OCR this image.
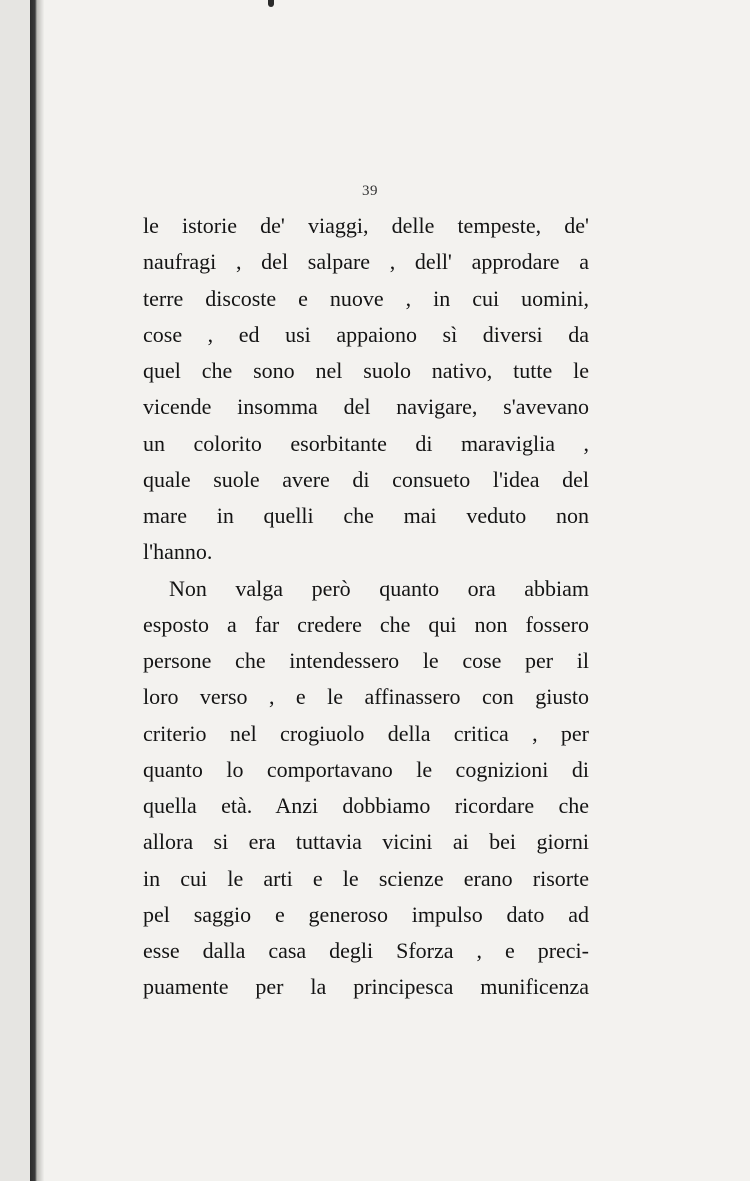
39
le istorie de' viaggi, delle tempeste, de'
naufragi , del salpare , dell' approdare a
terre discoste e nuove , in cui uomini,
cose , ed usi appaiono sì diversi da
quel che sono nel suolo nativo, tutte le
vicende insomma del navigare, s'avevano
un colorito esorbitante di maraviglia ,
quale suole avere di consueto l'idea del
mare in quelli che mai veduto non
l'hanno.
Non valga però quanto ora abbiam
esposto a far credere che qui non fossero
persone che intendessero le cose per il
loro verso , e le affinassero con giusto
criterio nel crogiuolo della critica , per
quanto lo comportavano le cognizioni di
quella età. Anzi dobbiamo ricordare che
allora si era tuttavia vicini ai bei giorni
in cui le arti e le scienze erano risorte
pel saggio e generoso impulso dato ad
esse dalla casa degli Sforza , e preci-
puamente per la principesca munificenza
